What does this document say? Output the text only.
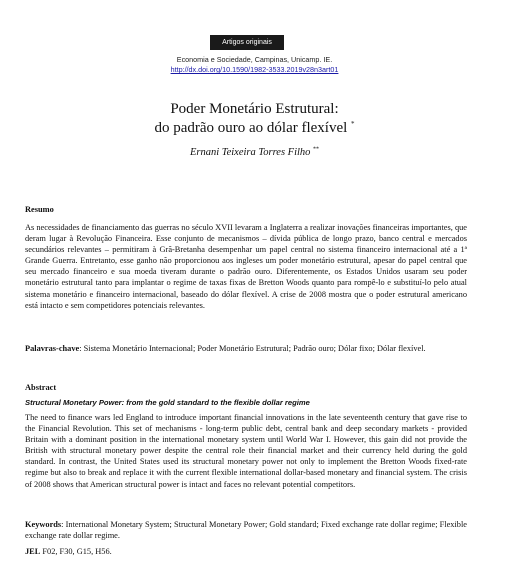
Artigos originais
Economia e Sociedade, Campinas, Unicamp. IE.
http://dx.doi.org/10.1590/1982-3533.2019v28n3art01
Poder Monetário Estrutural:
do padrão ouro ao dólar flexível *
Ernani Teixeira Torres Filho **
Resumo

As necessidades de financiamento das guerras no século XVII levaram a Inglaterra a realizar inovações financeiras importantes, que deram lugar à Revolução Financeira. Esse conjunto de mecanismos – dívida pública de longo prazo, banco central e mercados secundários relevantes – permitiram à Grã-Bretanha desempenhar um papel central no sistema financeiro internacional até a 1ª Grande Guerra. Entretanto, esse ganho não proporcionou aos ingleses um poder monetário estrutural, apesar do papel central que seu mercado financeiro e sua moeda tiveram durante o padrão ouro. Diferentemente, os Estados Unidos usaram seu poder monetário estrutural tanto para implantar o regime de taxas fixas de Bretton Woods quanto para rompê-lo e substituí-lo pelo atual sistema monetário e financeiro internacional, baseado do dólar flexível. A crise de 2008 mostra que o poder estrutural americano está intacto e sem competidores potenciais relevantes.

Palavras-chave: Sistema Monetário Internacional; Poder Monetário Estrutural; Padrão ouro; Dólar fixo; Dólar flexível.

Abstract
Structural Monetary Power: from the gold standard to the flexible dollar regime

The need to finance wars led England to introduce important financial innovations in the late seventeenth century that gave rise to the Financial Revolution. This set of mechanisms - long-term public debt, central bank and deep secondary markets - provided Britain with a dominant position in the international monetary system until World War I. However, this gain did not provide the British with structural monetary power despite the central role their financial market and their currency held during the gold standard. In contrast, the United States used its structural monetary power not only to implement the Bretton Woods fixed-rate regime but also to break and replace it with the current flexible international dollar-based monetary and financial system. The crisis of 2008 shows that American structural power is intact and faces no relevant potential competitors.

Keywords: International Monetary System; Structural Monetary Power; Gold standard; Fixed exchange rate dollar regime; Flexible exchange rate dollar regime.

JEL F02, F30, G15, H56.
